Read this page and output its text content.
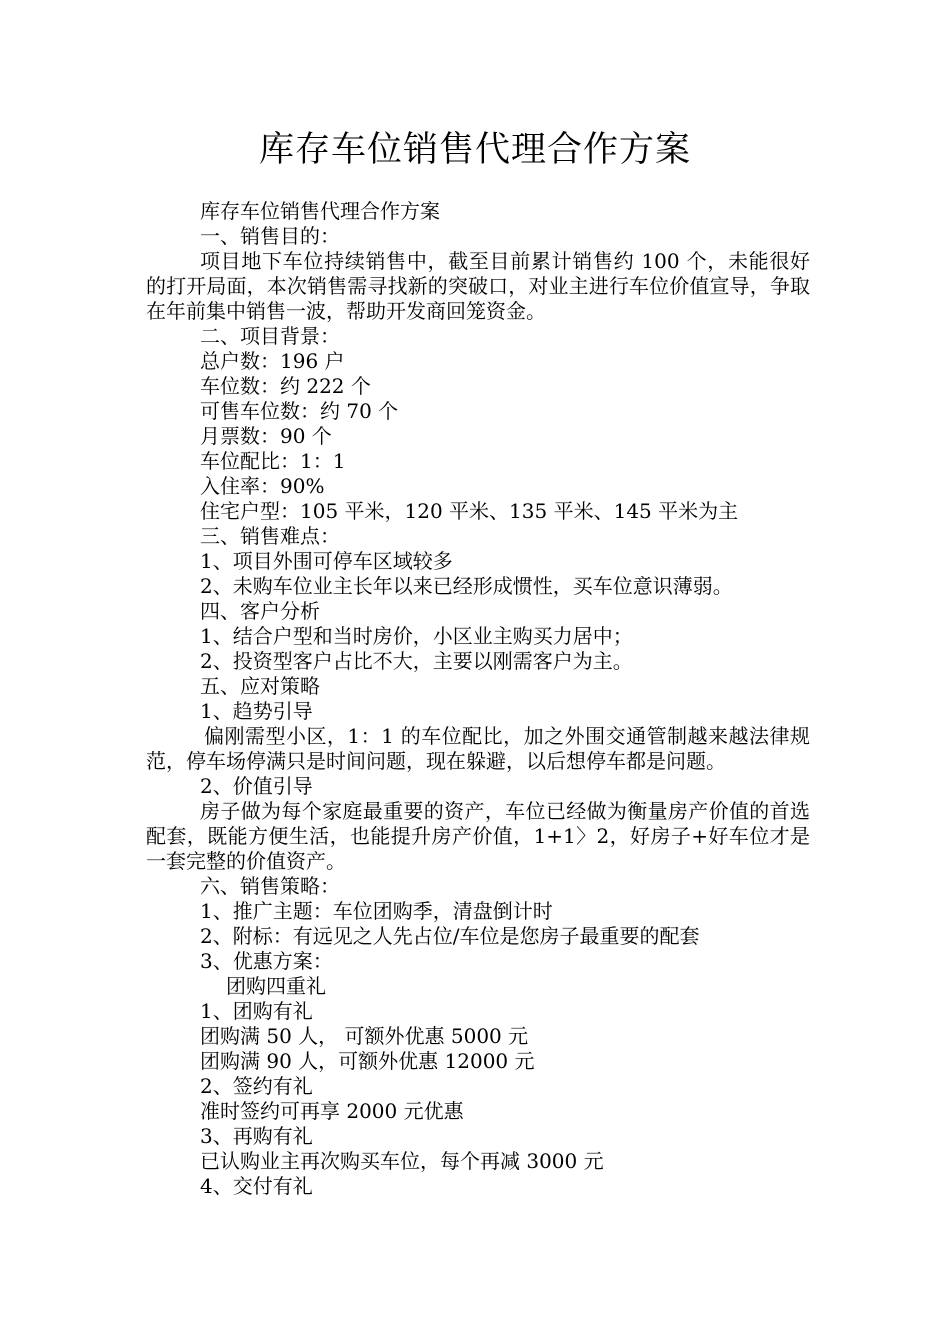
库存车位销售代理合作方案

库存车位销售代理合作方案

一、销售目的：

项目地下车位持续销售中，截至目前累计销售约 100 个，未能很好的打开局面，本次销售需寻找新的突破口，对业主进行车位价值宣导，争取在年前集中销售一波，帮助开发商回笼资金。

二、项目背景：

总户数：196 户

车位数：约 222 个

可售车位数：约 70 个

月票数：90 个

车位配比：1：1

入住率：90%

住宅户型：105 平米，120 平米、135 平米、145 平米为主

三、销售难点：

1、项目外围可停车区域较多

2、未购车位业主长年以来已经形成惯性，买车位意识薄弱。

四、客户分析

1、结合户型和当时房价，小区业主购买力居中；

2、投资型客户占比不大，主要以刚需客户为主。

五、应对策略

1、趋势引导

偏刚需型小区，1：1 的车位配比，加之外围交通管制越来越法律规范，停车场停满只是时间问题，现在躲避，以后想停车都是问题。

2、价值引导

房子做为每个家庭最重要的资产，车位已经做为衡量房产价值的首选配套，既能方便生活，也能提升房产价值，1+1〉2，好房子+好车位才是一套完整的价值资产。

六、销售策略：

1、推广主题：车位团购季，清盘倒计时

2、附标：有远见之人先占位/车位是您房子最重要的配套

3、优惠方案：

团购四重礼

1、团购有礼

团购满 50 人， 可额外优惠 5000 元

团购满 90 人，可额外优惠 12000 元

2、签约有礼

准时签约可再享 2000 元优惠

3、再购有礼

已认购业主再次购买车位，每个再减 3000 元

4、交付有礼
